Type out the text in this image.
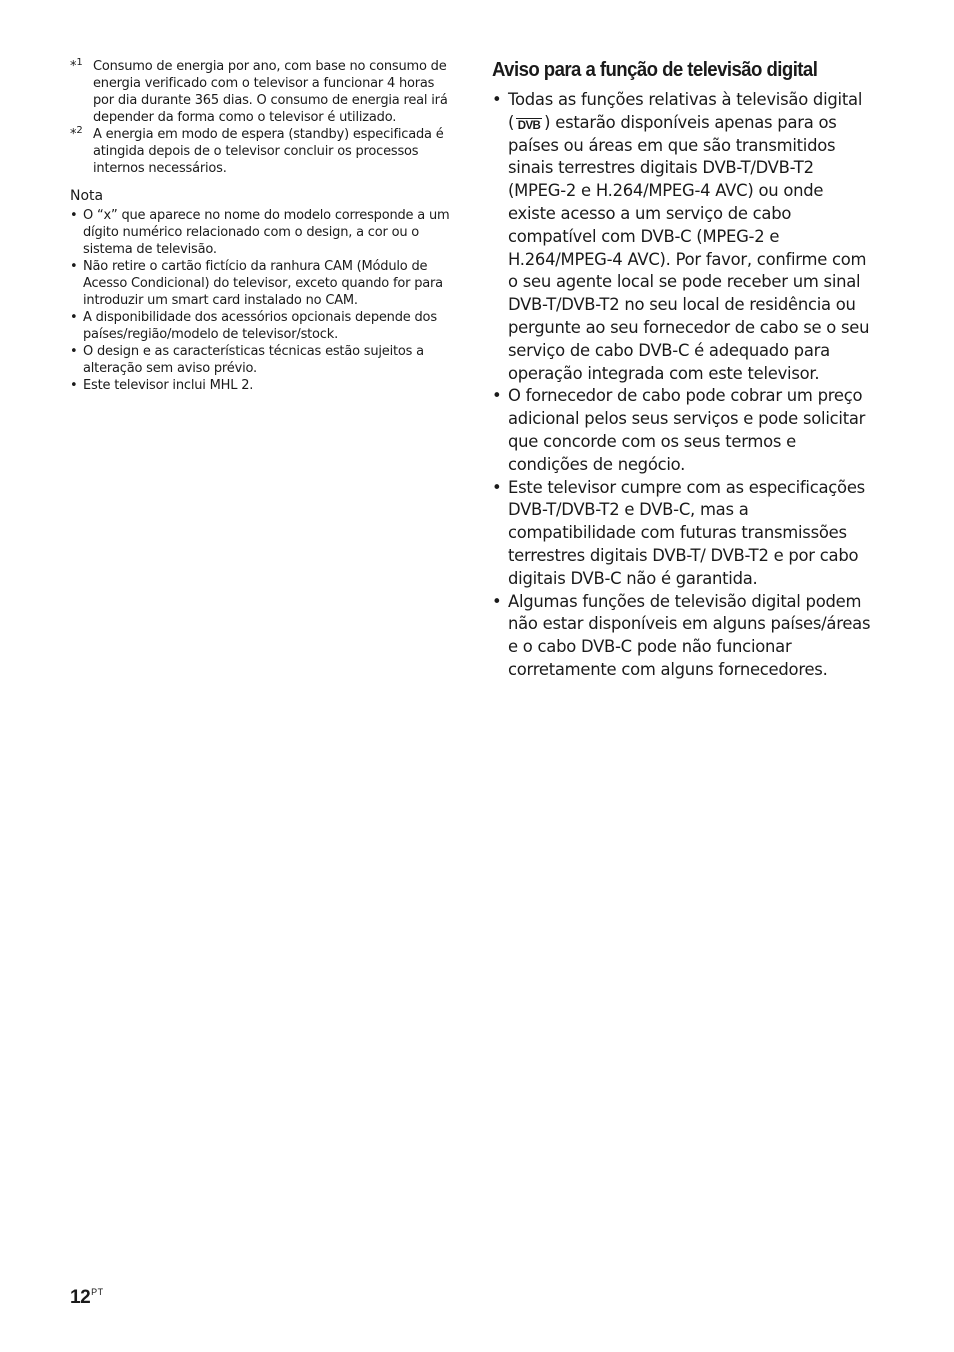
*$^1$ Consumo de energia por ano, com base no consumo de energia verificado com o televisor a funcionar 4 horas por dia durante 365 dias. O consumo de energia real irá depender da forma como o televisor é utilizado.
*$^2$ A energia em modo de espera (standby) especificada é atingida depois de o televisor concluir os processos internos necessários.
Nota
• O “x” que aparece no nome do modelo corresponde a um dígito numérico relacionado com o design, a cor ou o sistema de televisão.
• Não retire o cartão fictício da ranhura CAM (Módulo de Acesso Condicional) do televisor, exceto quando for para introduzir um smart card instalado no CAM.
• A disponibilidade dos acessórios opcionais depende dos países/região/modelo de televisor/stock.
• O design e as características técnicas estão sujeitos a alteração sem aviso prévio.
• Este televisor inclui MHL 2.
Aviso para a função de televisão digital
• Todas as funções relativas à televisão digital ( DVB ) estarão disponíveis apenas para os países ou áreas em que são transmitidos sinais terrestres digitais DVB-T/DVB-T2 (MPEG-2 e H.264/MPEG-4 AVC) ou onde existe acesso a um serviço de cabo compatível com DVB-C (MPEG-2 e H.264/MPEG-4 AVC). Por favor, confirme com o seu agente local se pode receber um sinal DVB-T/DVB-T2 no seu local de residência ou pergunte ao seu fornecedor de cabo se o seu serviço de cabo DVB-C é adequado para operação integrada com este televisor.
• O fornecedor de cabo pode cobrar um preço adicional pelos seus serviços e pode solicitar que concorde com os seus termos e condições de negócio.
• Este televisor cumpre com as especificações DVB-T/DVB-T2 e DVB-C, mas a compatibilidade com futuras transmissões terrestres digitais DVB-T/ DVB-T2 e por cabo digitais DVB-C não é garantida.
• Algumas funções de televisão digital podem não estar disponíveis em alguns países/áreas e o cabo DVB-C pode não funcionar corretamente com alguns fornecedores.
$12^{PT}$
